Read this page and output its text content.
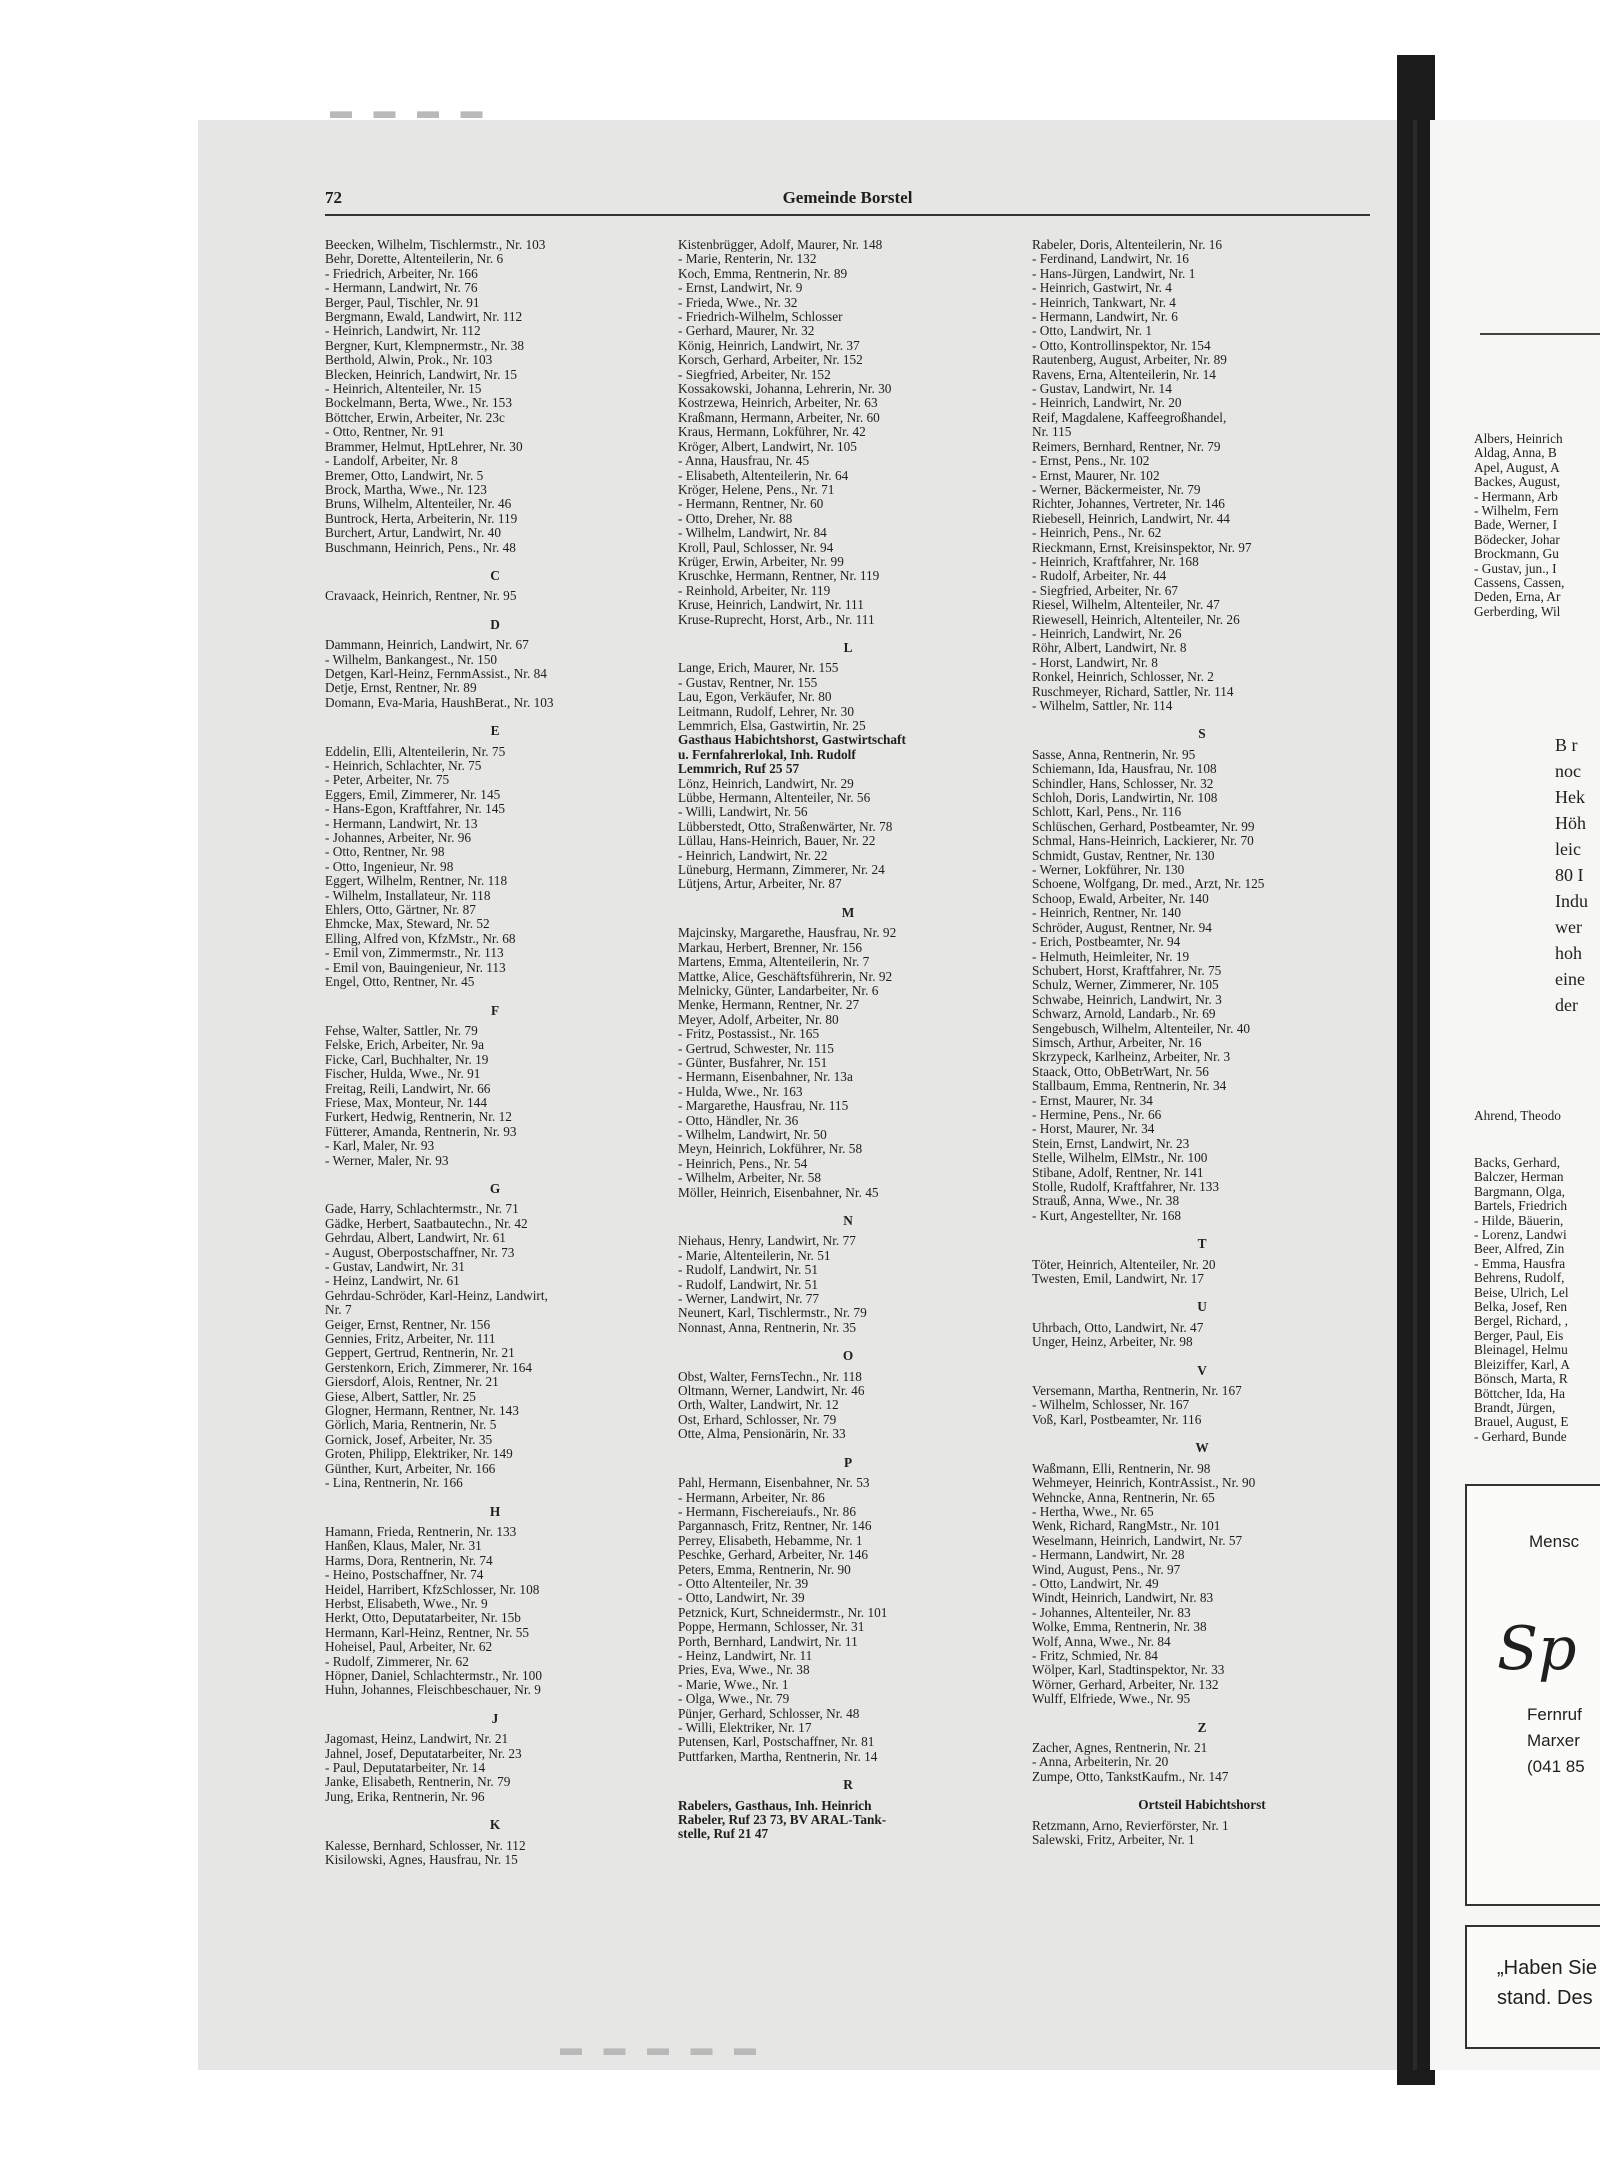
▬ ▬ ▬ ▬
▬ ▬ ▬ ▬ ▬
72	Gemeinde Borstel
Beecken, Wilhelm, Tischlermstr., Nr. 103
Behr, Dorette, Altenteilerin, Nr. 6
- Friedrich, Arbeiter, Nr. 166
- Hermann, Landwirt, Nr. 76
Berger, Paul, Tischler, Nr. 91
Bergmann, Ewald, Landwirt, Nr. 112
- Heinrich, Landwirt, Nr. 112
Bergner, Kurt, Klempnermstr., Nr. 38
Berthold, Alwin, Prok., Nr. 103
Blecken, Heinrich, Landwirt, Nr. 15
- Heinrich, Altenteiler, Nr. 15
Bockelmann, Berta, Wwe., Nr. 153
Böttcher, Erwin, Arbeiter, Nr. 23c
- Otto, Rentner, Nr. 91
Brammer, Helmut, HptLehrer, Nr. 30
- Landolf, Arbeiter, Nr. 8
Bremer, Otto, Landwirt, Nr. 5
Brock, Martha, Wwe., Nr. 123
Bruns, Wilhelm, Altenteiler, Nr. 46
Buntrock, Herta, Arbeiterin, Nr. 119
Burchert, Artur, Landwirt, Nr. 40
Buschmann, Heinrich, Pens., Nr. 48
C
Cravaack, Heinrich, Rentner, Nr. 95
D
Dammann, Heinrich, Landwirt, Nr. 67
- Wilhelm, Bankangest., Nr. 150
Detgen, Karl-Heinz, FernmAssist., Nr. 84
Detje, Ernst, Rentner, Nr. 89
Domann, Eva-Maria, HaushBerat., Nr. 103
E
Eddelin, Elli, Altenteilerin, Nr. 75
- Heinrich, Schlachter, Nr. 75
- Peter, Arbeiter, Nr. 75
Eggers, Emil, Zimmerer, Nr. 145
- Hans-Egon, Kraftfahrer, Nr. 145
- Hermann, Landwirt, Nr. 13
- Johannes, Arbeiter, Nr. 96
- Otto, Rentner, Nr. 98
- Otto, Ingenieur, Nr. 98
Eggert, Wilhelm, Rentner, Nr. 118
- Wilhelm, Installateur, Nr. 118
Ehlers, Otto, Gärtner, Nr. 87
Ehmcke, Max, Steward, Nr. 52
Elling, Alfred von, KfzMstr., Nr. 68
- Emil von, Zimmermstr., Nr. 113
- Emil von, Bauingenieur, Nr. 113
Engel, Otto, Rentner, Nr. 45
F
Fehse, Walter, Sattler, Nr. 79
Felske, Erich, Arbeiter, Nr. 9a
Ficke, Carl, Buchhalter, Nr. 19
Fischer, Hulda, Wwe., Nr. 91
Freitag, Reili, Landwirt, Nr. 66
Friese, Max, Monteur, Nr. 144
Furkert, Hedwig, Rentnerin, Nr. 12
Fütterer, Amanda, Rentnerin, Nr. 93
- Karl, Maler, Nr. 93
- Werner, Maler, Nr. 93
G
Gade, Harry, Schlachtermstr., Nr. 71
Gädke, Herbert, Saatbautechn., Nr. 42
Gehrdau, Albert, Landwirt, Nr. 61
- August, Oberpostschaffner, Nr. 73
- Gustav, Landwirt, Nr. 31
- Heinz, Landwirt, Nr. 61
Gehrdau-Schröder, Karl-Heinz, Landwirt,
Nr. 7
Geiger, Ernst, Rentner, Nr. 156
Gennies, Fritz, Arbeiter, Nr. 111
Geppert, Gertrud, Rentnerin, Nr. 21
Gerstenkorn, Erich, Zimmerer, Nr. 164
Giersdorf, Alois, Rentner, Nr. 21
Giese, Albert, Sattler, Nr. 25
Glogner, Hermann, Rentner, Nr. 143
Görlich, Maria, Rentnerin, Nr. 5
Gornick, Josef, Arbeiter, Nr. 35
Groten, Philipp, Elektriker, Nr. 149
Günther, Kurt, Arbeiter, Nr. 166
- Lina, Rentnerin, Nr. 166
H
Hamann, Frieda, Rentnerin, Nr. 133
Hanßen, Klaus, Maler, Nr. 31
Harms, Dora, Rentnerin, Nr. 74
- Heino, Postschaffner, Nr. 74
Heidel, Harribert, KfzSchlosser, Nr. 108
Herbst, Elisabeth, Wwe., Nr. 9
Herkt, Otto, Deputatarbeiter, Nr. 15b
Hermann, Karl-Heinz, Rentner, Nr. 55
Hoheisel, Paul, Arbeiter, Nr. 62
- Rudolf, Zimmerer, Nr. 62
Höpner, Daniel, Schlachtermstr., Nr. 100
Huhn, Johannes, Fleischbeschauer, Nr. 9
J
Jagomast, Heinz, Landwirt, Nr. 21
Jahnel, Josef, Deputatarbeiter, Nr. 23
- Paul, Deputatarbeiter, Nr. 14
Janke, Elisabeth, Rentnerin, Nr. 79
Jung, Erika, Rentnerin, Nr. 96
K
Kalesse, Bernhard, Schlosser, Nr. 112
Kisilowski, Agnes, Hausfrau, Nr. 15
Kistenbrügger, Adolf, Maurer, Nr. 148
- Marie, Renterin, Nr. 132
Koch, Emma, Rentnerin, Nr. 89
- Ernst, Landwirt, Nr. 9
- Frieda, Wwe., Nr. 32
- Friedrich-Wilhelm, Schlosser
- Gerhard, Maurer, Nr. 32
König, Heinrich, Landwirt, Nr. 37
Korsch, Gerhard, Arbeiter, Nr. 152
- Siegfried, Arbeiter, Nr. 152
Kossakowski, Johanna, Lehrerin, Nr. 30
Kostrzewa, Heinrich, Arbeiter, Nr. 63
Kraßmann, Hermann, Arbeiter, Nr. 60
Kraus, Hermann, Lokführer, Nr. 42
Kröger, Albert, Landwirt, Nr. 105
- Anna, Hausfrau, Nr. 45
- Elisabeth, Altenteilerin, Nr. 64
Kröger, Helene, Pens., Nr. 71
- Hermann, Rentner, Nr. 60
- Otto, Dreher, Nr. 88
- Wilhelm, Landwirt, Nr. 84
Kroll, Paul, Schlosser, Nr. 94
Krüger, Erwin, Arbeiter, Nr. 99
Kruschke, Hermann, Rentner, Nr. 119
- Reinhold, Arbeiter, Nr. 119
Kruse, Heinrich, Landwirt, Nr. 111
Kruse-Ruprecht, Horst, Arb., Nr. 111
L
Lange, Erich, Maurer, Nr. 155
- Gustav, Rentner, Nr. 155
Lau, Egon, Verkäufer, Nr. 80
Leitmann, Rudolf, Lehrer, Nr. 30
Lemmrich, Elsa, Gastwirtin, Nr. 25
Gasthaus Habichtshorst, Gastwirtschaft
u. Fernfahrerlokal, Inh. Rudolf
Lemmrich, Ruf 25 57
Lönz, Heinrich, Landwirt, Nr. 29
Lübbe, Hermann, Altenteiler, Nr. 56
- Willi, Landwirt, Nr. 56
Lübberstedt, Otto, Straßenwärter, Nr. 78
Lüllau, Hans-Heinrich, Bauer, Nr. 22
- Heinrich, Landwirt, Nr. 22
Lüneburg, Hermann, Zimmerer, Nr. 24
Lütjens, Artur, Arbeiter, Nr. 87
M
Majcinsky, Margarethe, Hausfrau, Nr. 92
Markau, Herbert, Brenner, Nr. 156
Martens, Emma, Altenteilerin, Nr. 7
Mattke, Alice, Geschäftsführerin, Nr. 92
Melnicky, Günter, Landarbeiter, Nr. 6
Menke, Hermann, Rentner, Nr. 27
Meyer, Adolf, Arbeiter, Nr. 80
- Fritz, Postassist., Nr. 165
- Gertrud, Schwester, Nr. 115
- Günter, Busfahrer, Nr. 151
- Hermann, Eisenbahner, Nr. 13a
- Hulda, Wwe., Nr. 163
- Margarethe, Hausfrau, Nr. 115
- Otto, Händler, Nr. 36
- Wilhelm, Landwirt, Nr. 50
Meyn, Heinrich, Lokführer, Nr. 58
- Heinrich, Pens., Nr. 54
- Wilhelm, Arbeiter, Nr. 58
Möller, Heinrich, Eisenbahner, Nr. 45
N
Niehaus, Henry, Landwirt, Nr. 77
- Marie, Altenteilerin, Nr. 51
- Rudolf, Landwirt, Nr. 51
- Rudolf, Landwirt, Nr. 51
- Werner, Landwirt, Nr. 77
Neunert, Karl, Tischlermstr., Nr. 79
Nonnast, Anna, Rentnerin, Nr. 35
O
Obst, Walter, FernsTechn., Nr. 118
Oltmann, Werner, Landwirt, Nr. 46
Orth, Walter, Landwirt, Nr. 12
Ost, Erhard, Schlosser, Nr. 79
Otte, Alma, Pensionärin, Nr. 33
P
Pahl, Hermann, Eisenbahner, Nr. 53
- Hermann, Arbeiter, Nr. 86
- Hermann, Fischereiaufs., Nr. 86
Pargannasch, Fritz, Rentner, Nr. 146
Perrey, Elisabeth, Hebamme, Nr. 1
Peschke, Gerhard, Arbeiter, Nr. 146
Peters, Emma, Rentnerin, Nr. 90
- Otto Altenteiler, Nr. 39
- Otto, Landwirt, Nr. 39
Petznick, Kurt, Schneidermstr., Nr. 101
Poppe, Hermann, Schlosser, Nr. 31
Porth, Bernhard, Landwirt, Nr. 11
- Heinz, Landwirt, Nr. 11
Pries, Eva, Wwe., Nr. 38
- Marie, Wwe., Nr. 1
- Olga, Wwe., Nr. 79
Pünjer, Gerhard, Schlosser, Nr. 48
- Willi, Elektriker, Nr. 17
Putensen, Karl, Postschaffner, Nr. 81
Puttfarken, Martha, Rentnerin, Nr. 14
R
Rabelers, Gasthaus, Inh. Heinrich
Rabeler, Ruf 23 73, BV ARAL-Tank-
stelle, Ruf 21 47
Rabeler, Doris, Altenteilerin, Nr. 16
- Ferdinand, Landwirt, Nr. 16
- Hans-Jürgen, Landwirt, Nr. 1
- Heinrich, Gastwirt, Nr. 4
- Heinrich, Tankwart, Nr. 4
- Hermann, Landwirt, Nr. 6
- Otto, Landwirt, Nr. 1
- Otto, Kontrollinspektor, Nr. 154
Rautenberg, August, Arbeiter, Nr. 89
Ravens, Erna, Altenteilerin, Nr. 14
- Gustav, Landwirt, Nr. 14
- Heinrich, Landwirt, Nr. 20
Reif, Magdalene, Kaffeegroßhandel,
Nr. 115
Reimers, Bernhard, Rentner, Nr. 79
- Ernst, Pens., Nr. 102
- Ernst, Maurer, Nr. 102
- Werner, Bäckermeister, Nr. 79
Richter, Johannes, Vertreter, Nr. 146
Riebesell, Heinrich, Landwirt, Nr. 44
- Heinrich, Pens., Nr. 62
Rieckmann, Ernst, Kreisinspektor, Nr. 97
- Heinrich, Kraftfahrer, Nr. 168
- Rudolf, Arbeiter, Nr. 44
- Siegfried, Arbeiter, Nr. 67
Riesel, Wilhelm, Altenteiler, Nr. 47
Riewesell, Heinrich, Altenteiler, Nr. 26
- Heinrich, Landwirt, Nr. 26
Röhr, Albert, Landwirt, Nr. 8
- Horst, Landwirt, Nr. 8
Ronkel, Heinrich, Schlosser, Nr. 2
Ruschmeyer, Richard, Sattler, Nr. 114
- Wilhelm, Sattler, Nr. 114
S
Sasse, Anna, Rentnerin, Nr. 95
Schiemann, Ida, Hausfrau, Nr. 108
Schindler, Hans, Schlosser, Nr. 32
Schloh, Doris, Landwirtin, Nr. 108
Schlott, Karl, Pens., Nr. 116
Schlüschen, Gerhard, Postbeamter, Nr. 99
Schmal, Hans-Heinrich, Lackierer, Nr. 70
Schmidt, Gustav, Rentner, Nr. 130
- Werner, Lokführer, Nr. 130
Schoene, Wolfgang, Dr. med., Arzt, Nr. 125
Schoop, Ewald, Arbeiter, Nr. 140
- Heinrich, Rentner, Nr. 140
Schröder, August, Rentner, Nr. 94
- Erich, Postbeamter, Nr. 94
- Helmuth, Heimleiter, Nr. 19
Schubert, Horst, Kraftfahrer, Nr. 75
Schulz, Werner, Zimmerer, Nr. 105
Schwabe, Heinrich, Landwirt, Nr. 3
Schwarz, Arnold, Landarb., Nr. 69
Sengebusch, Wilhelm, Altenteiler, Nr. 40
Simsch, Arthur, Arbeiter, Nr. 16
Skrzypeck, Karlheinz, Arbeiter, Nr. 3
Staack, Otto, ObBetrWart, Nr. 56
Stallbaum, Emma, Rentnerin, Nr. 34
- Ernst, Maurer, Nr. 34
- Hermine, Pens., Nr. 66
- Horst, Maurer, Nr. 34
Stein, Ernst, Landwirt, Nr. 23
Stelle, Wilhelm, ElMstr., Nr. 100
Stibane, Adolf, Rentner, Nr. 141
Stolle, Rudolf, Kraftfahrer, Nr. 133
Strauß, Anna, Wwe., Nr. 38
- Kurt, Angestellter, Nr. 168
T
Töter, Heinrich, Altenteiler, Nr. 20
Twesten, Emil, Landwirt, Nr. 17
U
Uhrbach, Otto, Landwirt, Nr. 47
Unger, Heinz, Arbeiter, Nr. 98
V
Versemann, Martha, Rentnerin, Nr. 167
- Wilhelm, Schlosser, Nr. 167
Voß, Karl, Postbeamter, Nr. 116
W
Waßmann, Elli, Rentnerin, Nr. 98
Wehmeyer, Heinrich, KontrAssist., Nr. 90
Wehncke, Anna, Rentnerin, Nr. 65
- Hertha, Wwe., Nr. 65
Wenk, Richard, RangMstr., Nr. 101
Weselmann, Heinrich, Landwirt, Nr. 57
- Hermann, Landwirt, Nr. 28
Wind, August, Pens., Nr. 97
- Otto, Landwirt, Nr. 49
Windt, Heinrich, Landwirt, Nr. 83
- Johannes, Altenteiler, Nr. 83
Wolke, Emma, Rentnerin, Nr. 38
Wolf, Anna, Wwe., Nr. 84
- Fritz, Schmied, Nr. 84
Wölper, Karl, Stadtinspektor, Nr. 33
Wörner, Gerhard, Arbeiter, Nr. 132
Wulff, Elfriede, Wwe., Nr. 95
Z
Zacher, Agnes, Rentnerin, Nr. 21
- Anna, Arbeiterin, Nr. 20
Zumpe, Otto, TankstKaufm., Nr. 147
Ortsteil Habichtshorst
Retzmann, Arno, Revierförster, Nr. 1
Salewski, Fritz, Arbeiter, Nr. 1
Albers, Heinrich
Aldag, Anna, B
Apel, August, A
Backes, August,
- Hermann, Arb
- Wilhelm, Fern
Bade, Werner, I
Bödecker, Johar
Brockmann, Gu
- Gustav, jun., I
Cassens, Cassen,
Deden, Erna, Ar
Gerberding, Wil
B r
noc
Hek
Höh
leic
80 I
Indu
wer
hoh
eine
der
Ahrend, Theodo
Backs, Gerhard,
Balczer, Herman
Bargmann, Olga,
Bartels, Friedrich
- Hilde, Bäuerin,
- Lorenz, Landwi
Beer, Alfred, Zin
- Emma, Hausfra
Behrens, Rudolf,
Beise, Ulrich, Lel
Belka, Josef, Ren
Bergel, Richard, ,
Berger, Paul, Eis
Bleinagel, Helmu
Bleiziffer, Karl, A
Bönsch, Marta, R
Böttcher, Ida, Ha
Brandt, Jürgen,
Brauel, August, E
- Gerhard, Bunde
Mensc
Sp
Fernruf
Marxer
(041 85
„Haben Sie
stand. Des
